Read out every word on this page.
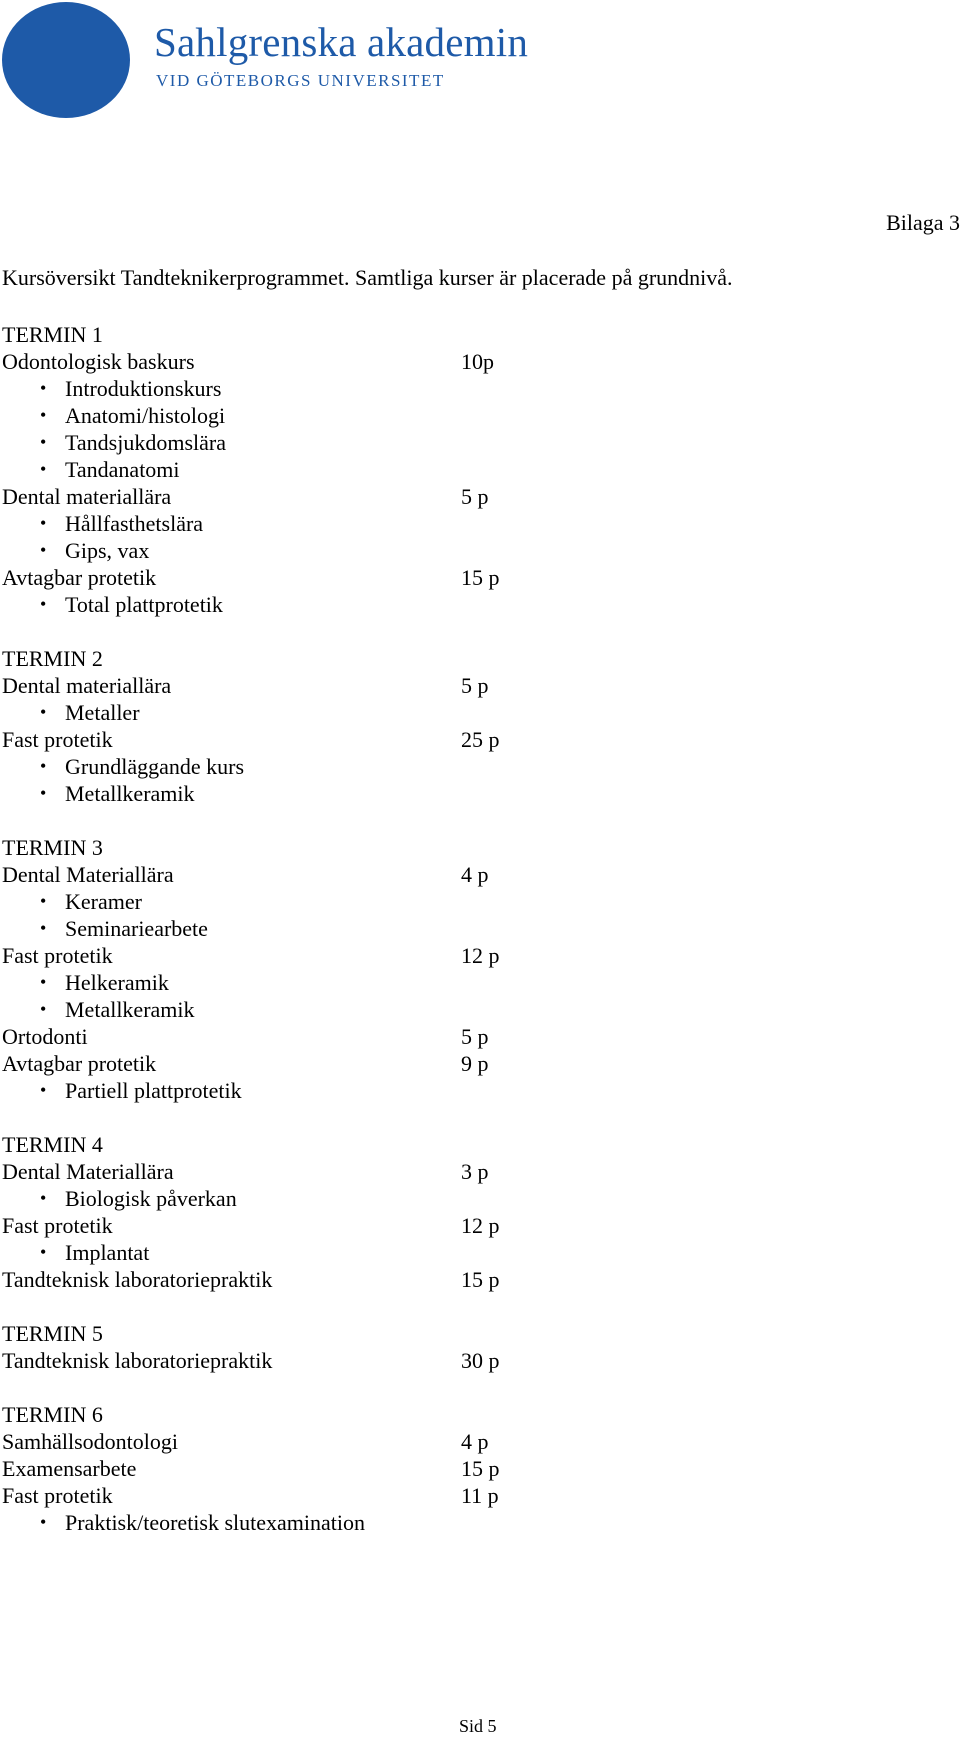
Sahlgrenska akademin
VID GÖTEBORGS UNIVERSITET
Bilaga 3
Kursöversikt Tandteknikerprogrammet. Samtliga kurser är placerade på grundnivå.
TERMIN 1
Odontologisk baskurs	10p
• Introduktionskurs
• Anatomi/histologi
• Tandsjukdomslära
• Tandanatomi
Dental materiallära	5 p
• Hållfasthetslära
• Gips, vax
Avtagbar protetik	15 p
• Total plattprotetik
TERMIN 2
Dental materiallära	5 p
• Metaller
Fast protetik	25 p
• Grundläggande kurs
• Metallkeramik
TERMIN 3
Dental Materiallära	4 p
• Keramer
• Seminariearbete
Fast protetik	12 p
• Helkeramik
• Metallkeramik
Ortodonti	5 p
Avtagbar protetik	9 p
• Partiell plattprotetik
TERMIN 4
Dental Materiallära	3 p
• Biologisk påverkan
Fast protetik	12 p
• Implantat
Tandteknisk laboratoriepraktik	15 p
TERMIN 5
Tandteknisk laboratoriepraktik	30 p
TERMIN 6
Samhällsodontologi	4 p
Examensarbete	15 p
Fast protetik	11 p
• Praktisk/teoretisk slutexamination
Sid 5
